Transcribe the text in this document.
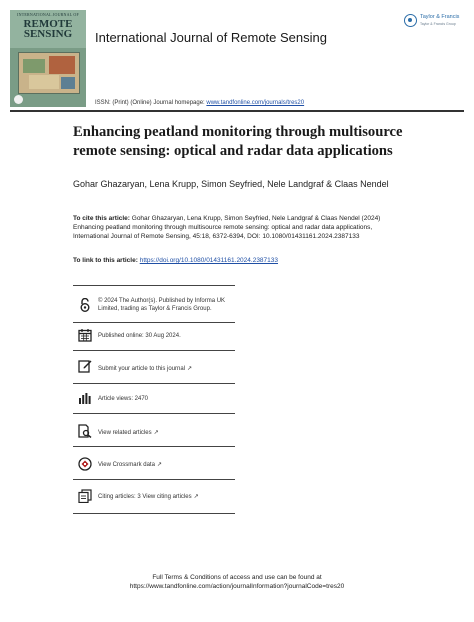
INTERNATIONAL JOURNAL OF
REMOTE SENSING	International Journal of Remote Sensing
Taylor & Francis
Taylor & Francis Group
ISSN: (Print) (Online) Journal homepage: www.tandfonline.com/journals/tres20
Enhancing peatland monitoring through multisource
remote sensing: optical and radar data applications
Gohar Ghazaryan, Lena Krupp, Simon Seyfried, Nele Landgraf & Claas Nendel
To cite this article: Gohar Ghazaryan, Lena Krupp, Simon Seyfried, Nele Landgraf & Claas Nendel (2024) Enhancing peatland monitoring through multisource remote sensing: optical and radar data applications, International Journal of Remote Sensing, 45:18, 6372-6394, DOI: 10.1080/01431161.2024.2387133
To link to this article: https://doi.org/10.1080/01431161.2024.2387133
© 2024 The Author(s). Published by Informa UK Limited, trading as Taylor & Francis Group.
Published online: 30 Aug 2024.
Submit your article to this journal ↗
Article views: 2470
View related articles ↗
View Crossmark data ↗
Citing articles: 3 View citing articles ↗
Full Terms & Conditions of access and use can be found at
https://www.tandfonline.com/action/journalInformation?journalCode=tres20
